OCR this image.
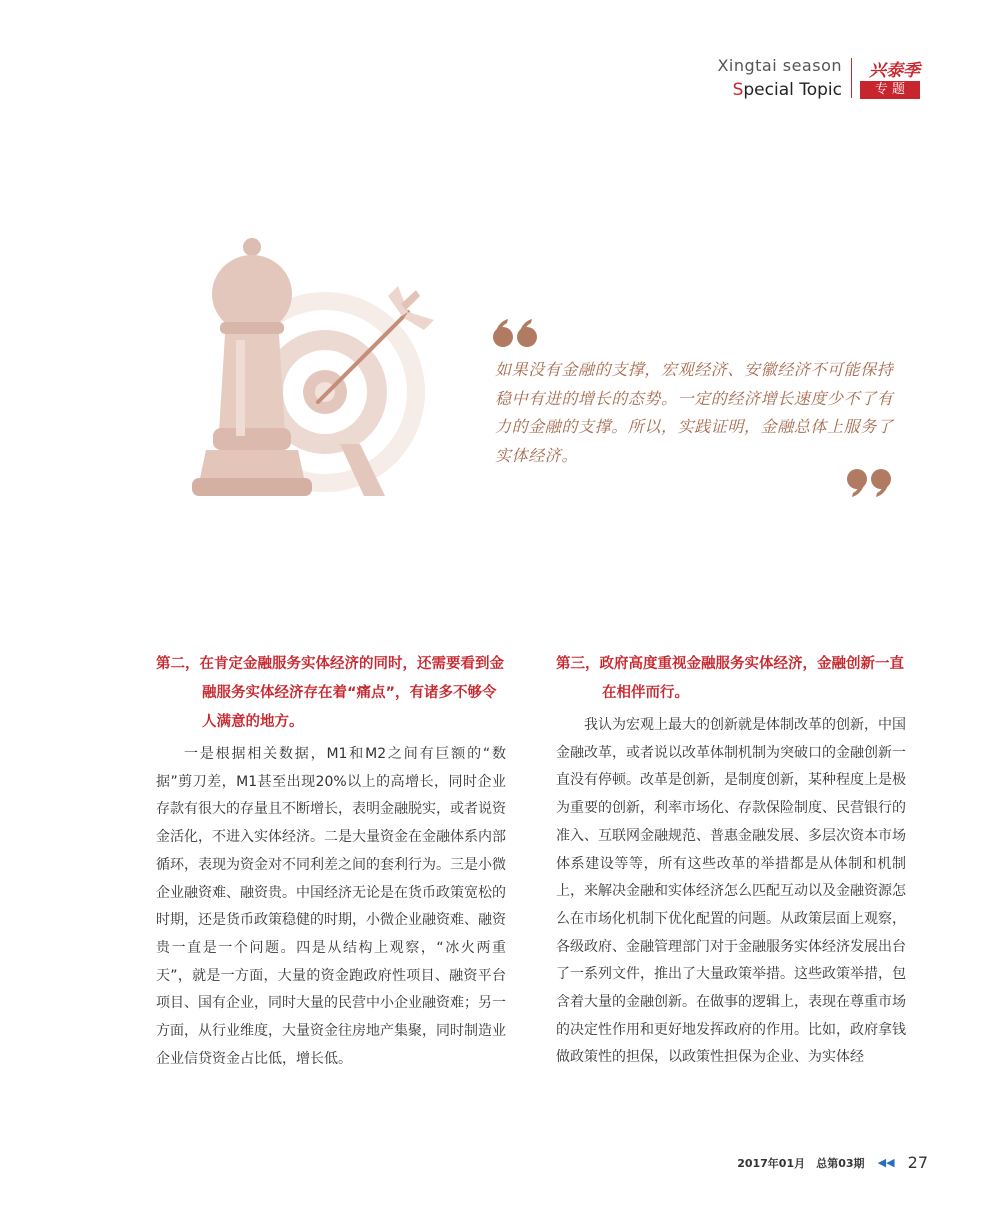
Xingtai season
Special Topic
兴泰季
专 题
如果没有金融的支撑，宏观经济、安徽经济不可能保持稳中有进的增长的态势。一定的经济增长速度少不了有力的金融的支撑。所以，实践证明，金融总体上服务了实体经济。

第二，在肯定金融服务实体经济的同时，还需要看到金融服务实体经济存在着“痛点”，有诸多不够令人满意的地方。

一是根据相关数据，M1和M2之间有巨额的“数据”剪刀差，M1甚至出现20%以上的高增长，同时企业存款有很大的存量且不断增长，表明金融脱实，或者说资金活化，不进入实体经济。二是大量资金在金融体系内部循环，表现为资金对不同利差之间的套利行为。三是小微企业融资难、融资贵。中国经济无论是在货币政策宽松的时期，还是货币政策稳健的时期，小微企业融资难、融资贵一直是一个问题。四是从结构上观察，“冰火两重天”，就是一方面，大量的资金跑政府性项目、融资平台项目、国有企业，同时大量的民营中小企业融资难；另一方面，从行业维度，大量资金往房地产集聚，同时制造业企业信贷资金占比低，增长低。

第三，政府高度重视金融服务实体经济，金融创新一直在相伴而行。

我认为宏观上最大的创新就是体制改革的创新，中国金融改革，或者说以改革体制机制为突破口的金融创新一直没有停顿。改革是创新，是制度创新，某种程度上是极为重要的创新，利率市场化、存款保险制度、民营银行的准入、互联网金融规范、普惠金融发展、多层次资本市场体系建设等等，所有这些改革的举措都是从体制和机制上，来解决金融和实体经济怎么匹配互动以及金融资源怎么在市场化机制下优化配置的问题。从政策层面上观察，各级政府、金融管理部门对于金融服务实体经济发展出台了一系列文件，推出了大量政策举措。这些政策举措，包含着大量的金融创新。在做事的逻辑上，表现在尊重市场的决定性作用和更好地发挥政府的作用。比如，政府拿钱做政策性的担保，以政策性担保为企业、为实体经

2017年01月 总第03期 ◀◀ 27
